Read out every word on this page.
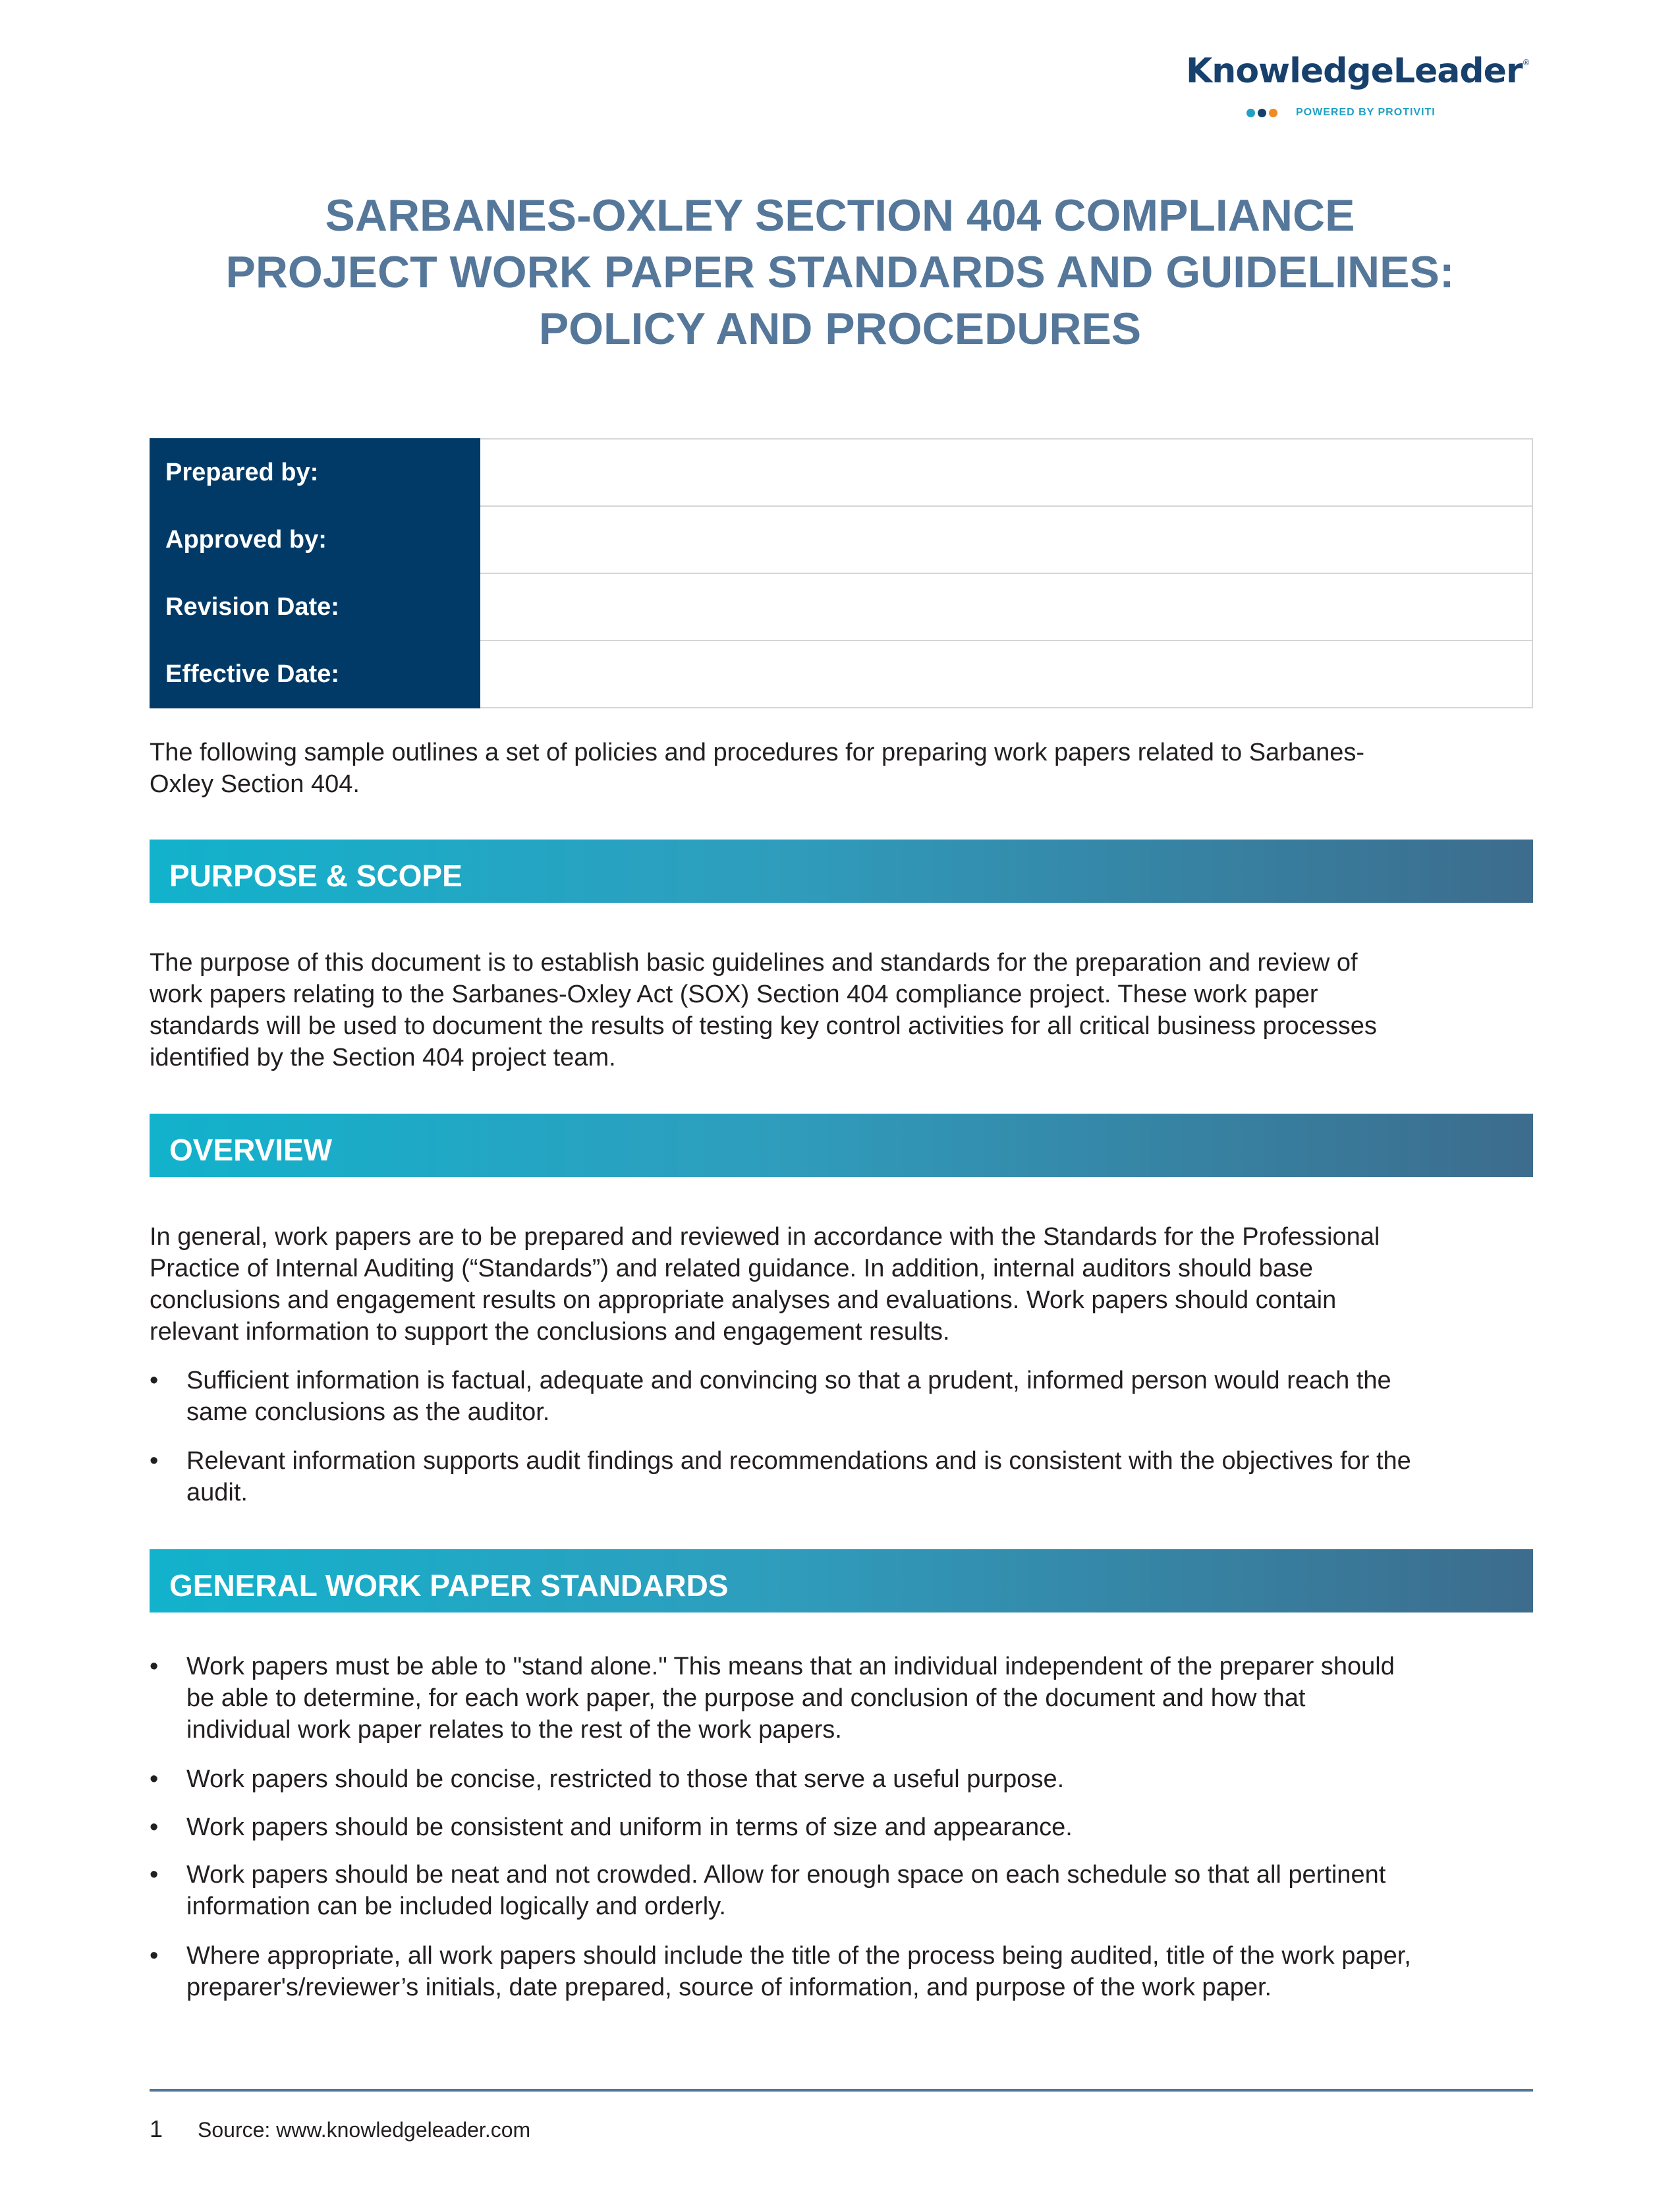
KnowledgeLeader®
POWERED BY PROTIVITI
SARBANES-OXLEY SECTION 404 COMPLIANCE
PROJECT WORK PAPER STANDARDS AND GUIDELINES:
POLICY AND PROCEDURES
Prepared by:	
Approved by:	
Revision Date:	
Effective Date:	
The following sample outlines a set of policies and procedures for preparing work papers related to Sarbanes-
Oxley Section 404.
PURPOSE & SCOPE
The purpose of this document is to establish basic guidelines and standards for the preparation and review of
work papers relating to the Sarbanes-Oxley Act (SOX) Section 404 compliance project. These work paper
standards will be used to document the results of testing key control activities for all critical business processes
identified by the Section 404 project team.
OVERVIEW
In general, work papers are to be prepared and reviewed in accordance with the Standards for the Professional
Practice of Internal Auditing (“Standards”) and related guidance. In addition, internal auditors should base
conclusions and engagement results on appropriate analyses and evaluations. Work papers should contain
relevant information to support the conclusions and engagement results.
• Sufficient information is factual, adequate and convincing so that a prudent, informed person would reach the
same conclusions as the auditor.
• Relevant information supports audit findings and recommendations and is consistent with the objectives for the
audit.
GENERAL WORK PAPER STANDARDS
• Work papers must be able to "stand alone." This means that an individual independent of the preparer should
be able to determine, for each work paper, the purpose and conclusion of the document and how that
individual work paper relates to the rest of the work papers.
• Work papers should be concise, restricted to those that serve a useful purpose.
• Work papers should be consistent and uniform in terms of size and appearance.
• Work papers should be neat and not crowded. Allow for enough space on each schedule so that all pertinent
information can be included logically and orderly.
• Where appropriate, all work papers should include the title of the process being audited, title of the work paper,
preparer's/reviewer’s initials, date prepared, source of information, and purpose of the work paper.
1 Source: www.knowledgeleader.com
